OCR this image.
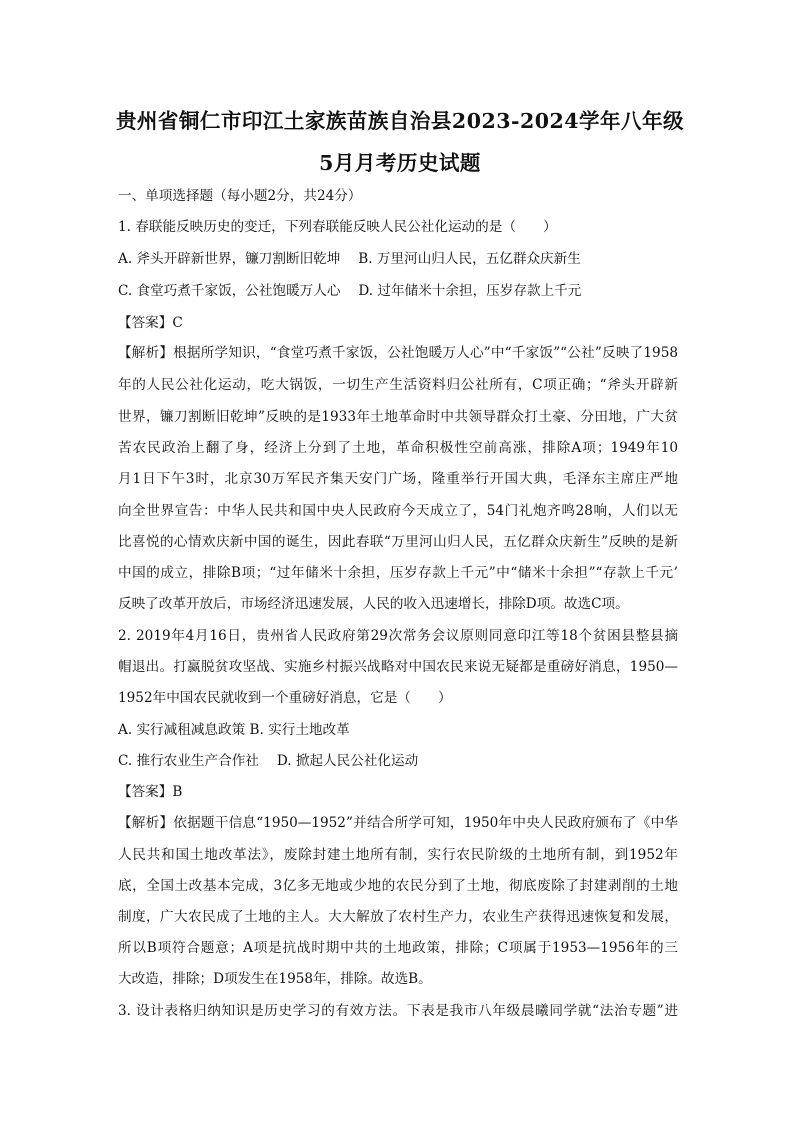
贵州省铜仁市印江土家族苗族自治县2023-2024学年八年级
5月月考历史试题
一、单项选择题（每小题2分，共24分）
1. 春联能反映历史的变迁，下列春联能反映人民公社化运动的是（　　）
A. 斧头开辟新世界，镰刀割断旧乾坤　 B. 万里河山归人民，五亿群众庆新生
C. 食堂巧煮千家饭，公社饱暖万人心　 D. 过年储米十余担，压岁存款上千元
【答案】C
【解析】根据所学知识，“食堂巧煮千家饭，公社饱暖万人心”中“千家饭”“公社”反映了1958
年的人民公社化运动，吃大锅饭，一切生产生活资料归公社所有，C项正确；“斧头开辟新
世界，镰刀割断旧乾坤”反映的是1933年土地革命时中共领导群众打土豪、分田地，广大贫
苦农民政治上翻了身，经济上分到了土地，革命积极性空前高涨，排除A项；1949年10
月1日下午3时，北京30万军民齐集天安门广场，隆重举行开国大典，毛泽东主席庄严地
向全世界宣告：中华人民共和国中央人民政府今天成立了，54门礼炮齐鸣28响，人们以无
比喜悦的心情欢庆新中国的诞生，因此春联“万里河山归人民，五亿群众庆新生”反映的是新
中国的成立，排除B项；“过年储米十余担，压岁存款上千元”中“储米十余担”“存款上千元’
反映了改革开放后，市场经济迅速发展，人民的收入迅速增长，排除D项。故选C项。
2. 2019年4月16日，贵州省人民政府第29次常务会议原则同意印江等18个贫困县整县摘
帽退出。打赢脱贫攻坚战、实施乡村振兴战略对中国农民来说无疑都是重磅好消息，1950—
1952年中国农民就收到一个重磅好消息，它是（　　）
A. 实行减租减息政策 B. 实行土地改革
C. 推行农业生产合作社　 D. 掀起人民公社化运动
【答案】B
【解析】依据题干信息“1950—1952”并结合所学可知，1950年中央人民政府颁布了《中华
人民共和国土地改革法》，废除封建土地所有制，实行农民阶级的土地所有制，到1952年
底，全国土改基本完成，3亿多无地或少地的农民分到了土地，彻底废除了封建剥削的土地
制度，广大农民成了土地的主人。大大解放了农村生产力，农业生产获得迅速恢复和发展，
所以B项符合题意；A项是抗战时期中共的土地政策，排除；C项属于1953—1956年的三
大改造，排除；D项发生在1958年，排除。故选B。
3. 设计表格归纳知识是历史学习的有效方法。下表是我市八年级晨曦同学就“法治专题”进
